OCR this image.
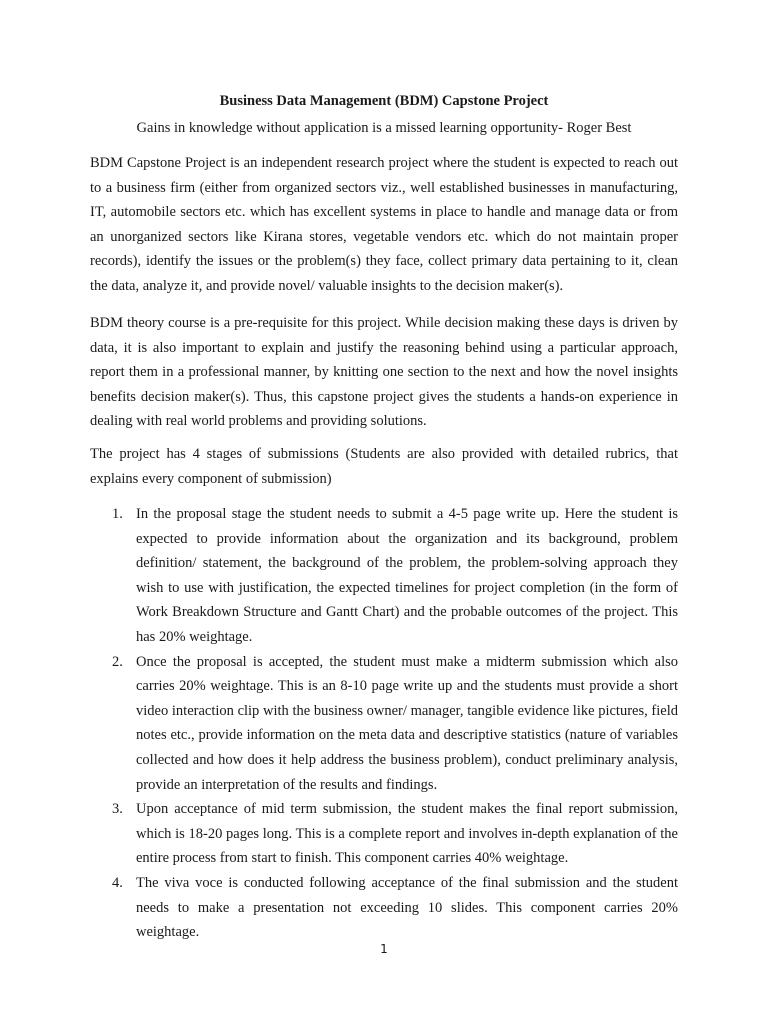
Business Data Management (BDM) Capstone Project
Gains in knowledge without application is a missed learning opportunity- Roger Best

BDM Capstone Project is an independent research project where the student is expected to reach out to a business firm (either from organized sectors viz., well established businesses in manufacturing, IT, automobile sectors etc. which has excellent systems in place to handle and manage data or from an unorganized sectors like Kirana stores, vegetable vendors etc. which do not maintain proper records), identify the issues or the problem(s) they face, collect primary data pertaining to it, clean the data, analyze it, and provide novel/ valuable insights to the decision maker(s).

BDM theory course is a pre-requisite for this project. While decision making these days is driven by data, it is also important to explain and justify the reasoning behind using a particular approach, report them in a professional manner, by knitting one section to the next and how the novel insights benefits decision maker(s). Thus, this capstone project gives the students a hands-on experience in dealing with real world problems and providing solutions.

The project has 4 stages of submissions (Students are also provided with detailed rubrics, that explains every component of submission)

1. In the proposal stage the student needs to submit a 4-5 page write up. Here the student is expected to provide information about the organization and its background, problem definition/ statement, the background of the problem, the problem-solving approach they wish to use with justification, the expected timelines for project completion (in the form of Work Breakdown Structure and Gantt Chart) and the probable outcomes of the project. This has 20% weightage.
2. Once the proposal is accepted, the student must make a midterm submission which also carries 20% weightage. This is an 8-10 page write up and the students must provide a short video interaction clip with the business owner/ manager, tangible evidence like pictures, field notes etc., provide information on the meta data and descriptive statistics (nature of variables collected and how does it help address the business problem), conduct preliminary analysis, provide an interpretation of the results and findings.
3. Upon acceptance of mid term submission, the student makes the final report submission, which is 18-20 pages long. This is a complete report and involves in-depth explanation of the entire process from start to finish. This component carries 40% weightage.
4. The viva voce is conducted following acceptance of the final submission and the student needs to make a presentation not exceeding 10 slides. This component carries 20% weightage.
1
